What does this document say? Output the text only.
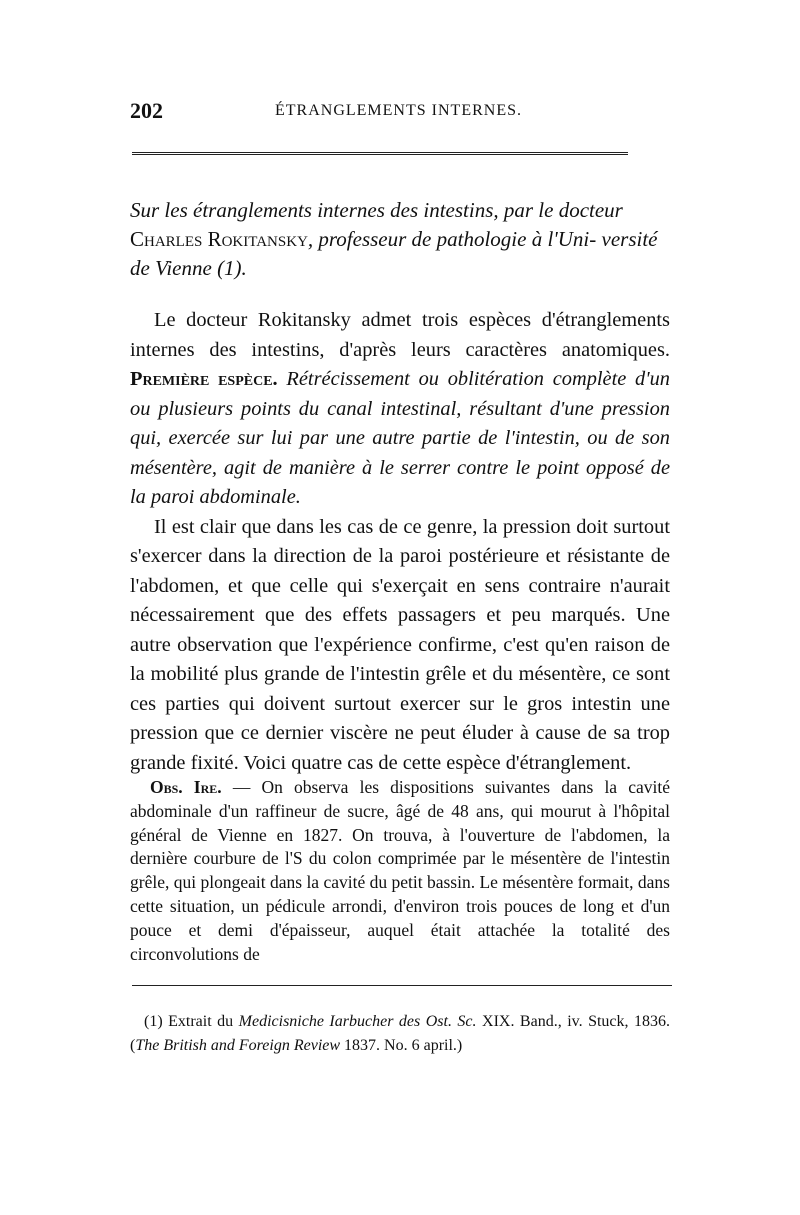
202	ÉTRANGLEMENTS INTERNES.
Sur les étranglements internes des intestins, par le docteur Charles Rokitansky, professeur de pathologie à l'Uni- versité de Vienne (1).

Le docteur Rokitansky admet trois espèces d'étranglements internes des intestins, d'après leurs caractères anatomiques. Première espèce. Rétrécissement ou oblitération complète d'un ou plusieurs points du canal intestinal, résultant d'une pression qui, exercée sur lui par une autre partie de l'intestin, ou de son mésentère, agit de manière à le serrer contre le point opposé de la paroi abdominale.

Il est clair que dans les cas de ce genre, la pression doit surtout s'exercer dans la direction de la paroi postérieure et résistante de l'abdomen, et que celle qui s'exerçait en sens contraire n'aurait nécessairement que des effets passagers et peu marqués. Une autre observation que l'expérience confirme, c'est qu'en raison de la mobilité plus grande de l'intestin grêle et du mésentère, ce sont ces parties qui doivent surtout exercer sur le gros intestin une pression que ce dernier viscère ne peut éluder à cause de sa trop grande fixité. Voici quatre cas de cette espèce d'étranglement.

Obs. Ire. — On observa les dispositions suivantes dans la cavité abdominale d'un raffineur de sucre, âgé de 48 ans, qui mourut à l'hôpital général de Vienne en 1827. On trouva, à l'ouverture de l'abdomen, la dernière courbure de l'S du colon comprimée par le mésentère de l'intestin grêle, qui plongeait dans la cavité du petit bassin. Le mésentère formait, dans cette situation, un pédicule arrondi, d'environ trois pouces de long et d'un pouce et demi d'épaisseur, auquel était attachée la totalité des circonvolutions de

(1) Extrait du Medicisniche Iarbucher des Ost. Sc. XIX. Band., iv. Stuck, 1836. (The British and Foreign Review 1837. No. 6 april.)
